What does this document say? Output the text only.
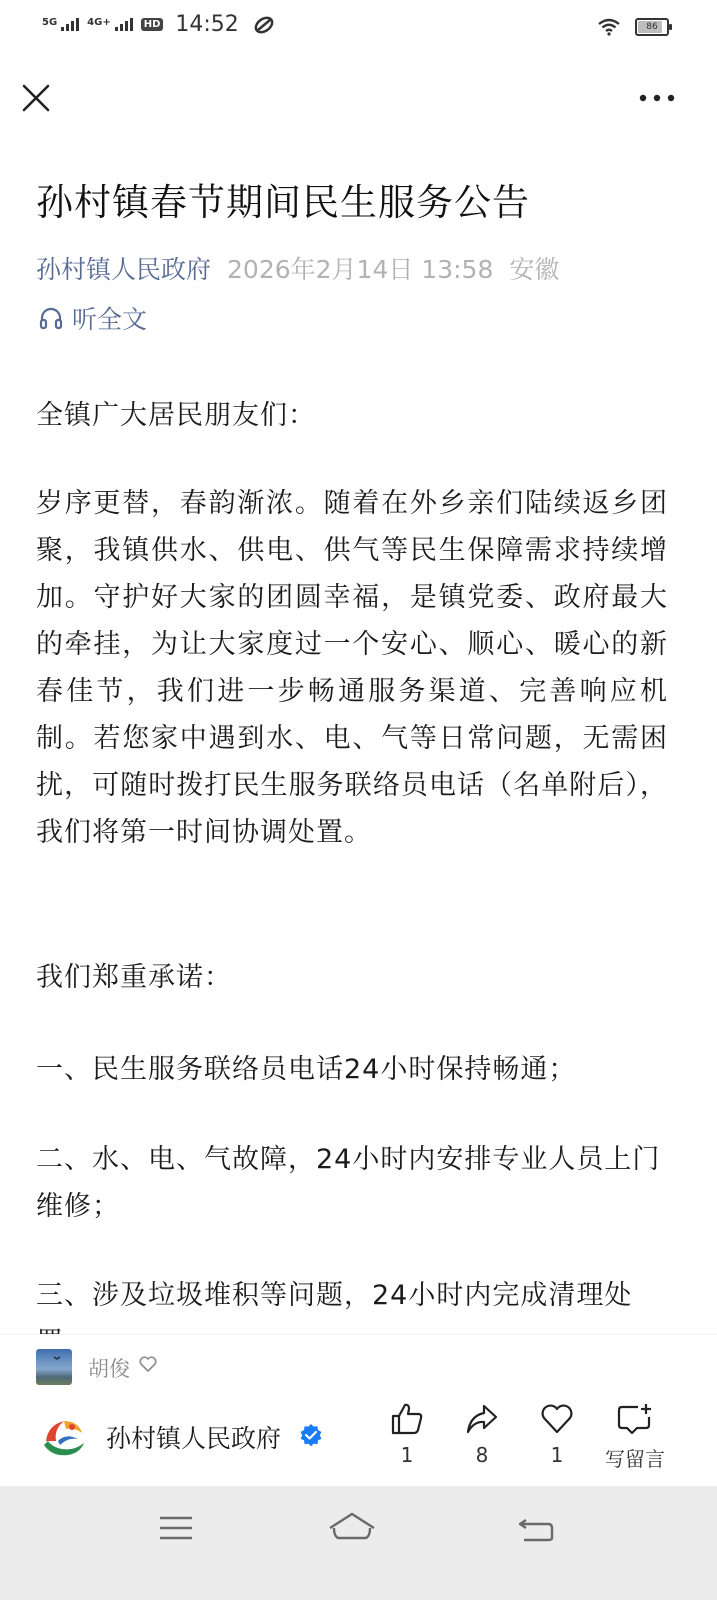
5G	4G+	HD 14:52	86
孙村镇春节期间民生服务公告
孙村镇人民政府 2026年2月14日 13:58 安徽
听全文

全镇广大居民朋友们：

岁序更替，春韵渐浓。随着在外乡亲们陆续返乡团聚，我镇供水、供电、供气等民生保障需求持续增加。守护好大家的团圆幸福，是镇党委、政府最大的牵挂，为让大家度过一个安心、顺心、暖心的新春佳节，我们进一步畅通服务渠道、完善响应机制。若您家中遇到水、电、气等日常问题，无需困扰，可随时拨打民生服务联络员电话（名单附后），我们将第一时间协调处置。

我们郑重承诺：

一、民生服务联络员电话24小时保持畅通；

二、水、电、气故障，24小时内安排专业人员上门维修；

三、涉及垃圾堆积等问题，24小时内完成清理处

胡俊
孙村镇人民政府
1	8	1	写留言
